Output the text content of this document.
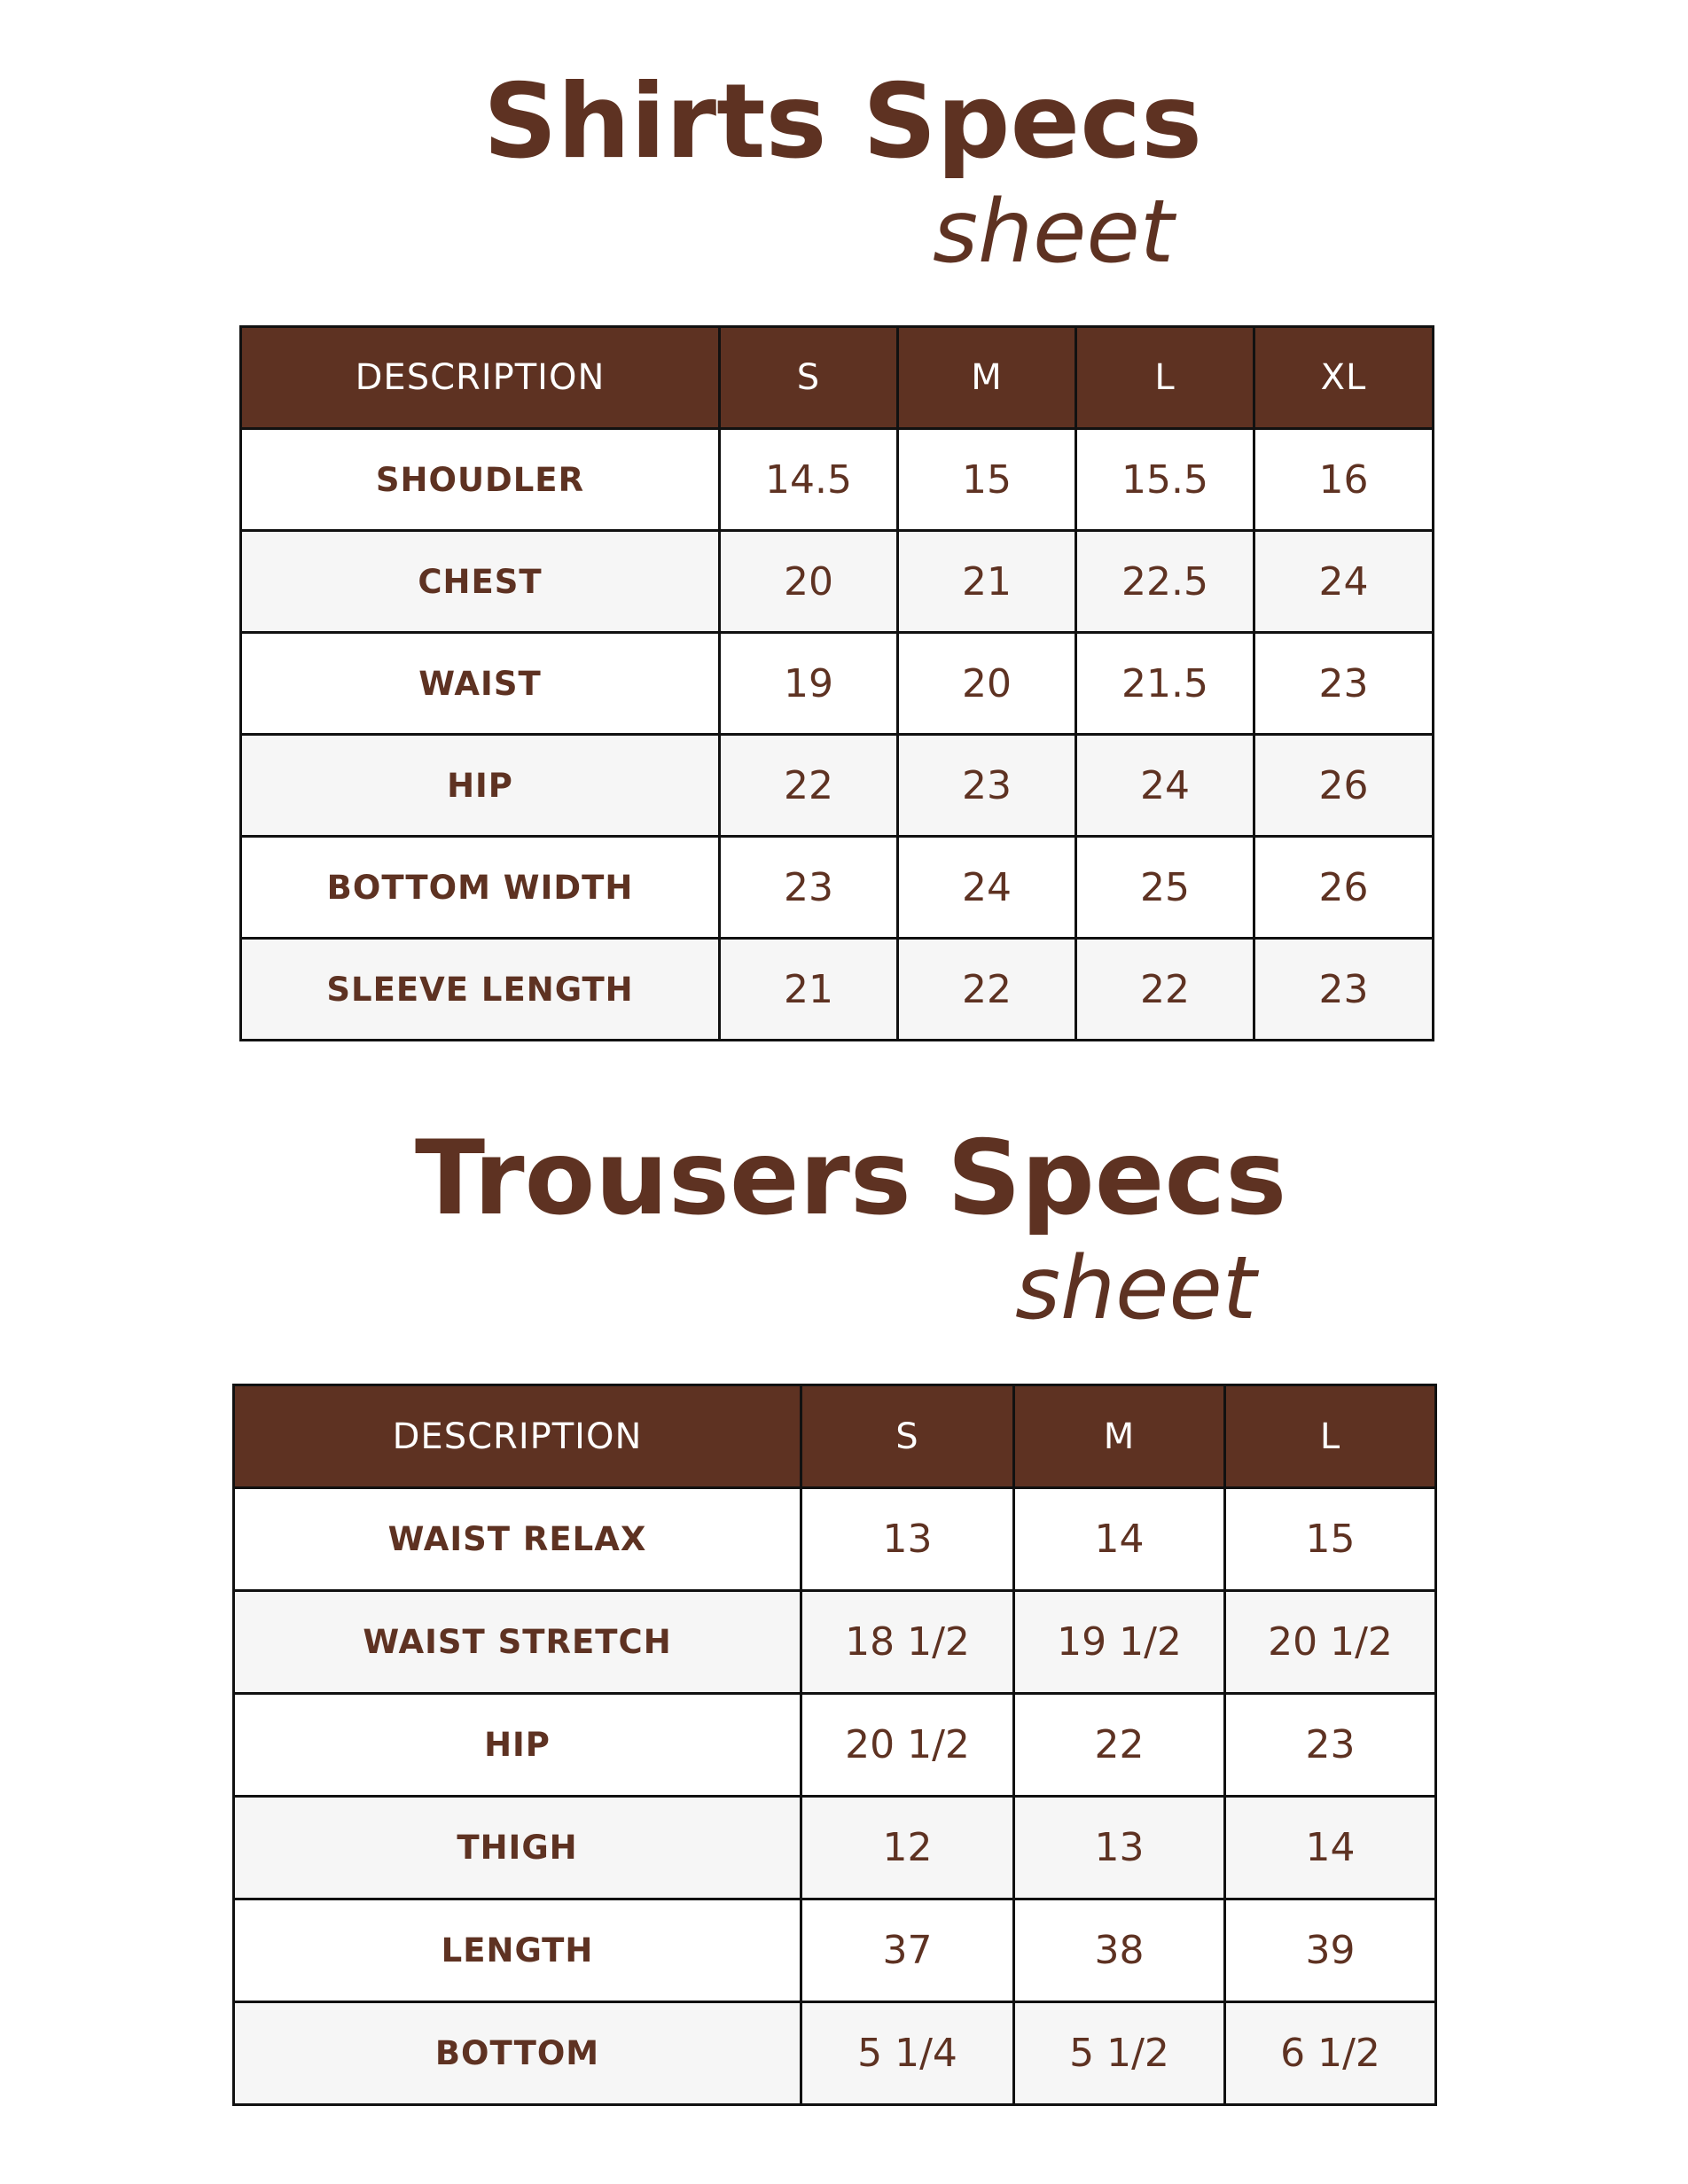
Shirts Specs
sheet
DESCRIPTION	S	M	L	XL
SHOUDLER	14.5	15	15.5	16
CHEST	20	21	22.5	24
WAIST	19	20	21.5	23
HIP	22	23	24	26
BOTTOM WIDTH	23	24	25	26
SLEEVE LENGTH	21	22	22	23
Trousers Specs
sheet
DESCRIPTION	S	M	L
WAIST RELAX	13	14	15
WAIST STRETCH	18 1/2	19 1/2	20 1/2
HIP	20 1/2	22	23
THIGH	12	13	14
LENGTH	37	38	39
BOTTOM	5 1/4	5 1/2	6 1/2
